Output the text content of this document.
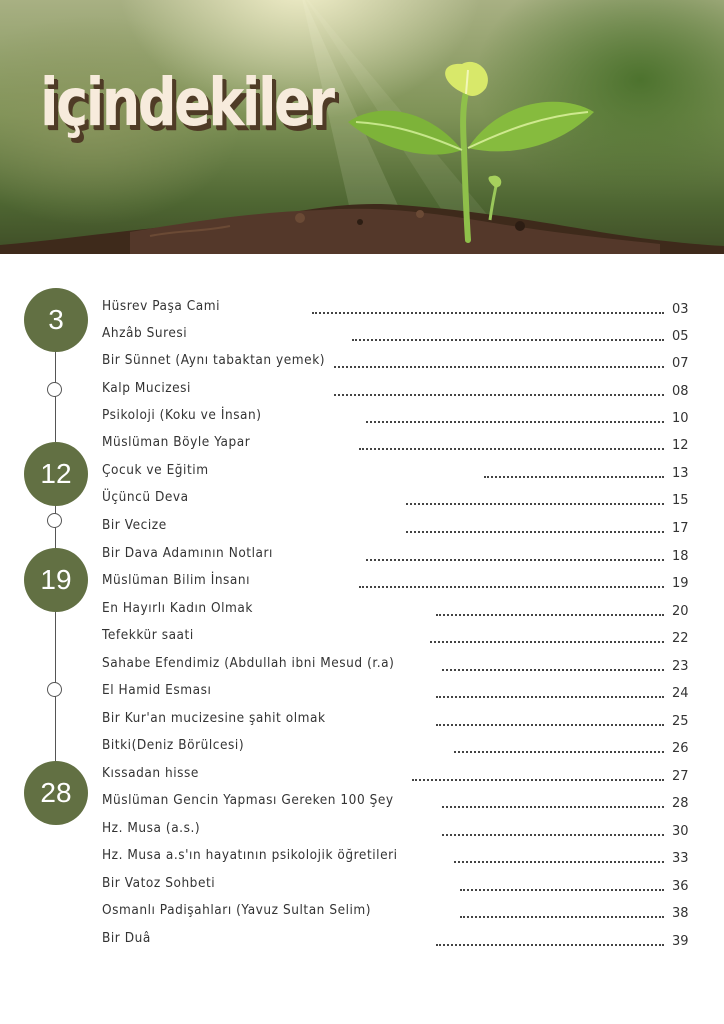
içindekiler
3
12
19
28
Hüsrev Paşa Cami	03
Ahzâb Suresi	05
Bir Sünnet (Aynı tabaktan yemek)	07
Kalp Mucizesi	08
Psikoloji (Koku ve İnsan)	10
Müslüman Böyle Yapar	12
Çocuk ve Eğitim	13
Üçüncü Deva	15
Bir Vecize	17
Bir Dava Adamının Notları	18
Müslüman Bilim İnsanı	19
En Hayırlı Kadın Olmak	20
Tefekkür saati	22
Sahabe Efendimiz (Abdullah ibni Mesud (r.a)	23
El Hamid Esması	24
Bir Kur'an mucizesine şahit olmak	25
Bitki(Deniz Börülcesi)	26
Kıssadan hisse	27
Müslüman Gencin Yapması Gereken 100 Şey	28
Hz. Musa (a.s.)	30
Hz. Musa a.s'ın hayatının psikolojik öğretileri	33
Bir Vatoz Sohbeti	36
Osmanlı Padişahları (Yavuz Sultan Selim)	38
Bir Duâ	39
